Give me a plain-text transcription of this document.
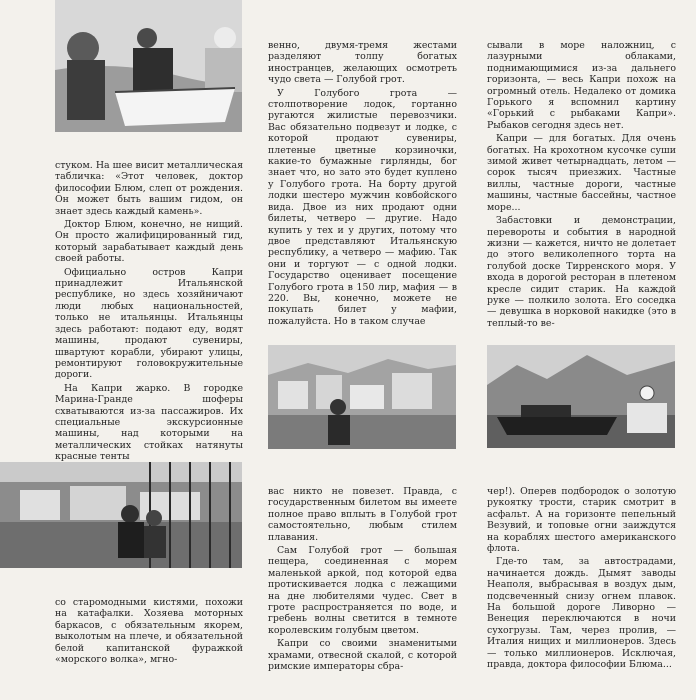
стуком. На шее висит металлическая табличка: «Этот человек, доктор философии Блюм, слеп от рождения. Он может быть вашим гидом, он знает здесь каждый камень».

Доктор Блюм, конечно, не нищий. Он просто жалифицированный гид, который зарабатывает каждый день своей работы.

Официально остров Капри принадлежит Итальянской республике, но здесь хозяйничают люди любых национальностей, только не итальянцы. Итальянцы здесь работают: подают еду, водят машины, продают сувениры, швартуют корабли, убирают улицы, ремонтируют головокружительные дороги.

На Капри жарко. В городке Марина-Гранде шоферы схватываются из-за пассажиров. Их специальные экскурсионные машины, над которыми на металлических стойках натянуты красные тенты

со старомодными кистями, похожи на катафалки. Хозяева моторных баркасов, с обязательным якорем, выколотым на плече, и обязательной белой капитанской фуражкой «морского волка», мгно-

венно, двумя-тремя жестами разделяют толпу богатых иностранцев, желающих осмотреть чудо света — Голубой грот.

У Голубого грота — столпотворение лодок, гортанно ругаются жилистые перевозчики. Вас обязательно подвезут и лодке, с которой продают сувениры, плетеные цветные корзиночки, какие-то бумажные гирлянды, бог знает что, но зато это будет куплено у Голубого грота. На борту другой лодки шестеро мужчин ковбойского вида. Двое из них продают одни билеты, четверо — другие. Надо купить у тех и у других, потому что двое представляют Итальянскую республику, а четверо — мафию. Так они и торгуют — с одной лодки. Государство оценивает посещение Голубого грота в 150 лир, мафия — в 220. Вы, конечно, можете не покупать билет у мафии, пожалуйста. Но в таком случае

вас никто не повезет. Правда, с государственным билетом вы имеете полное право вплыть в Голубой грот самостоятельно, любым стилем плавания.

Сам Голубой грот — большая пещера, соединенная с морем маленькой аркой, под которой едва протискивается лодка с лежащими на дне любителями чудес. Свет в гроте распространяется по воде, и гребень волны светится в темноте королевским голубым цветом.

Капри со своими знаменитыми храмами, отвесной скалой, с которой римские императоры сбра-

сывали в море наложниц, с лазурными облаками, поднимающимися из-за дальнего горизонта, — весь Капри похож на огромный отель. Недалеко от домика Горького я вспомнил картину «Горький с рыбаками Капри». Рыбаков сегодня здесь нет.

Капри — для богатых. Для очень богатых. На крохотном кусочке суши зимой живет четырнадцать, летом — сорок тысяч приезжих. Частные виллы, частные дороги, частные машины, частные бассейны, частное море...

Забастовки и демонстрации, перевороты и события в народной жизни — кажется, ничто не долетает до этого великолепного торта на голубой доске Тирренского моря. У входа в дорогой ресторан в плетеном кресле сидит старик. На каждой руке — полкило золота. Его соседка — девушка в норковой накидке (это в теплый-то ве-

чер!). Оперев подбородок о золотую рукоятку трости, старик смотрит в асфальт. А на горизонте пепельный Везувий, и топовые огни заиждутся на кораблях шестого американского флота.

Где-то там, за автострадами, начинается дождь. Дымят заводы Неаполя, выбрасывая в воздух дым, подсвеченный снизу огнем плавок. На большой дороге Ливорно — Венеция переключаются в ночи сухогрузы. Там, через пролив, — Италия нищих и миллионеров. Здесь — только миллионеров. Исключая, правда, доктора философии Блюма...
